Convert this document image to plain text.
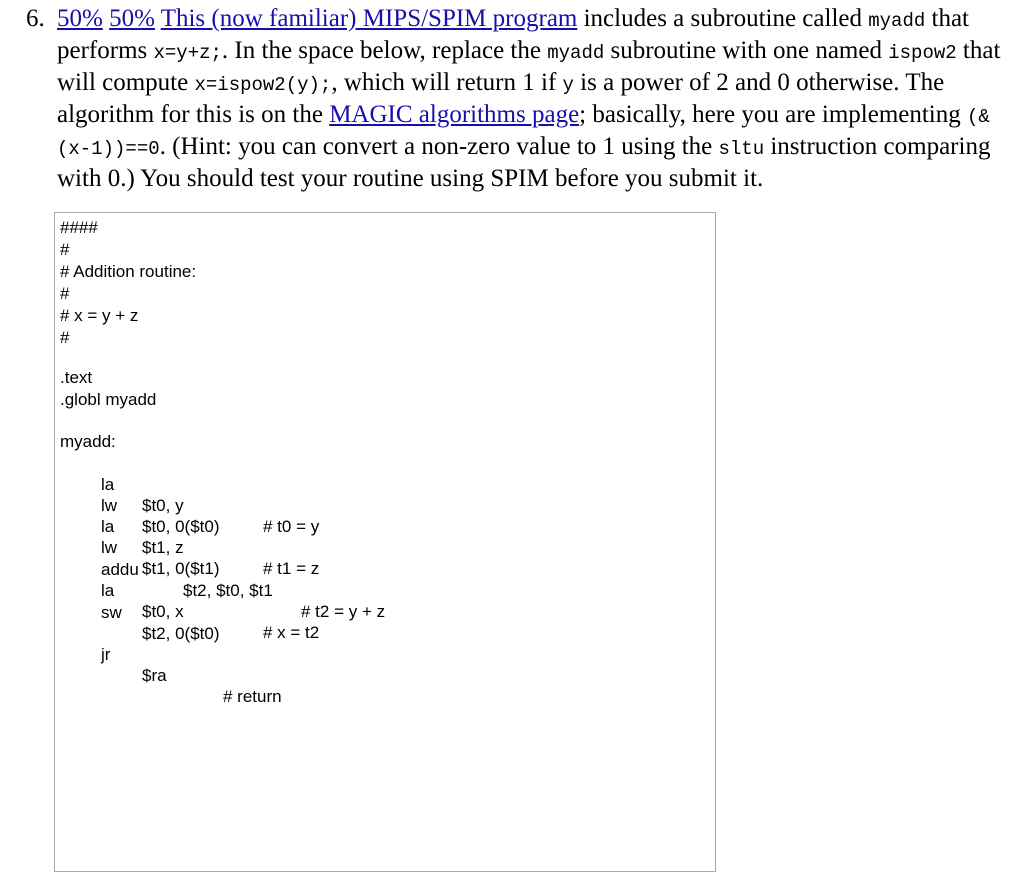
6. 50% 50% This (now familiar) MIPS/SPIM program includes a subroutine called myadd that performs x=y+z;. In the space below, replace the myadd subroutine with one named ispow2 that will compute x=ispow2(y);, which will return 1 if y is a power of 2 and 0 otherwise. The algorithm for this is on the MAGIC algorithms page; basically, here you are implementing (&(x-1))==0. (Hint: you can convert a non-zero value to 1 using the sltu instruction comparing with 0.) You should test your routine using SPIM before you submit it.
####
#
# Addition routine:
#
# x = y + z
#
.text
.globl myadd
myadd:

la

$t0, y

# t0 = y

lw

$t0, 0($t0)

la

$t1, z

# t1 = z

lw

$t1, 0($t1)

addu

$t2, $t0, $t1

# t2 = y + z

la

$t0, x

# x = t2

sw

$t2, 0($t0)

jr

$ra

# return
